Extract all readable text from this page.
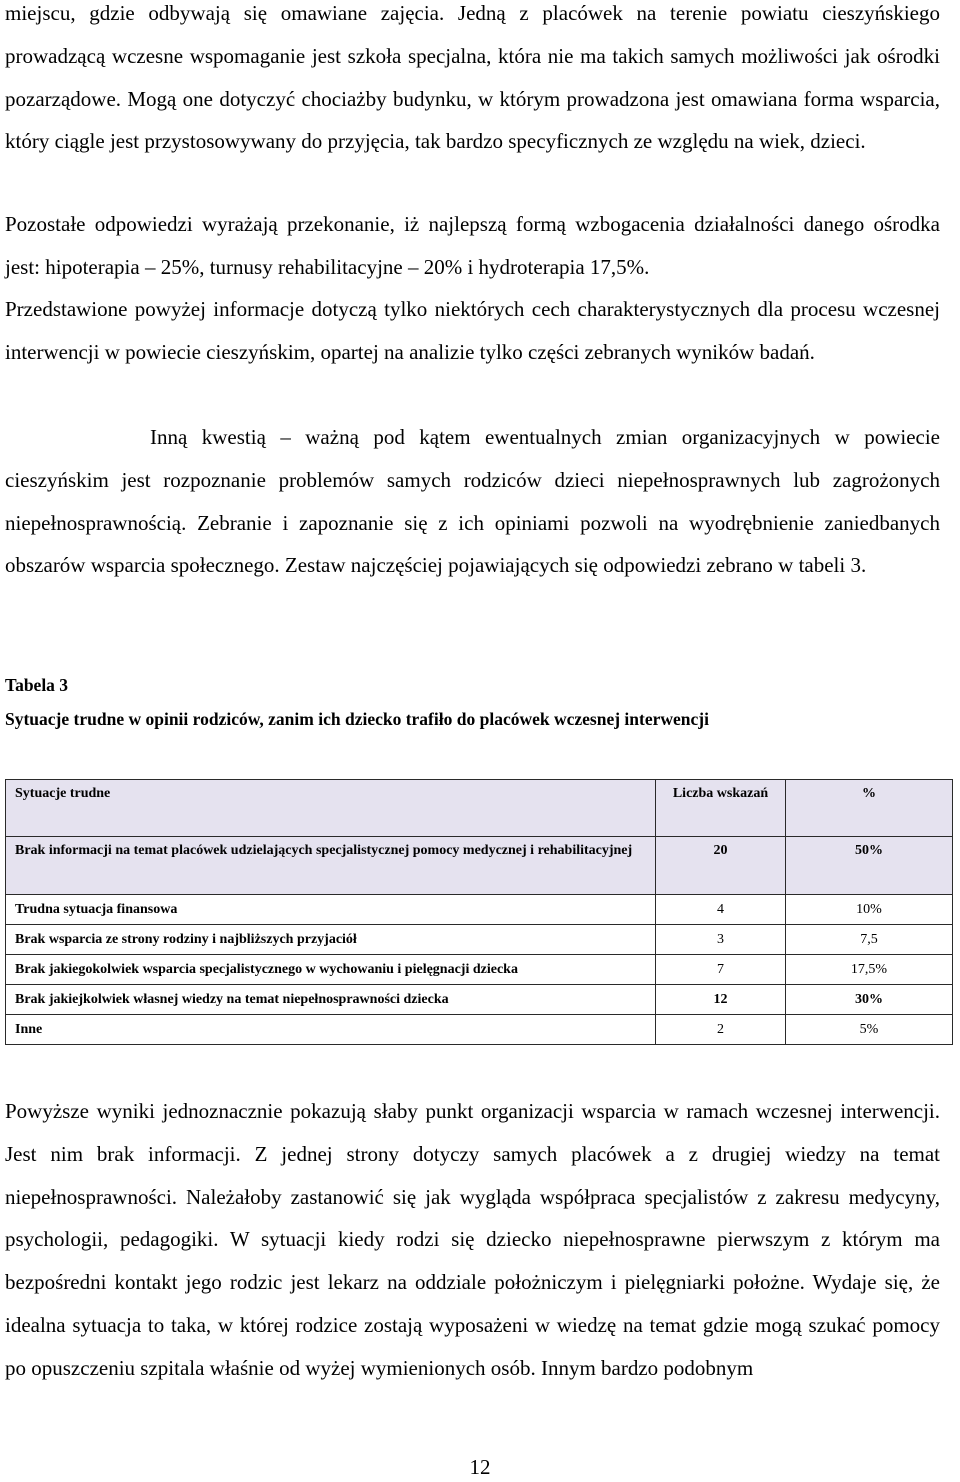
miejscu, gdzie odbywają się omawiane zajęcia. Jedną z placówek na terenie powiatu cieszyńskiego prowadzącą wczesne wspomaganie jest szkoła specjalna, która nie ma takich samych możliwości jak ośrodki pozarządowe. Mogą one dotyczyć chociażby budynku, w którym prowadzona jest omawiana forma wsparcia, który ciągle jest przystosowywany do przyjęcia, tak bardzo specyficznych ze względu na wiek, dzieci.

Pozostałe odpowiedzi wyrażają przekonanie, iż najlepszą formą wzbogacenia działalności danego ośrodka jest: hipoterapia – 25%, turnusy rehabilitacyjne – 20% i hydroterapia 17,5%.

Przedstawione powyżej informacje dotyczą tylko niektórych cech charakterystycznych dla procesu wczesnej interwencji w powiecie cieszyńskim, opartej na analizie tylko części zebranych wyników badań.

Inną kwestią – ważną pod kątem ewentualnych zmian organizacyjnych w powiecie cieszyńskim jest rozpoznanie problemów samych rodziców dzieci niepełnosprawnych lub zagrożonych niepełnosprawnością. Zebranie i zapoznanie się z ich opiniami pozwoli na wyodrębnienie zaniedbanych obszarów wsparcia społecznego. Zestaw najczęściej pojawiających się odpowiedzi zebrano w tabeli 3.

Tabela 3

Sytuacje trudne w opinii rodziców, zanim ich dziecko trafiło do placówek wczesnej interwencji

Sytuacje trudne	Liczba wskazań	%
Brak informacji na temat placówek udzielających specjalistycznej pomocy medycznej i rehabilitacyjnej	20	50%
Trudna sytuacja finansowa	4	10%
Brak wsparcia ze strony rodziny i najbliższych przyjaciół	3	7,5
Brak jakiegokolwiek wsparcia specjalistycznego w wychowaniu i pielęgnacji dziecka	7	17,5%
Brak jakiejkolwiek własnej wiedzy na temat niepełnosprawności dziecka	12	30%
Inne	2	5%

Powyższe wyniki jednoznacznie pokazują słaby punkt organizacji wsparcia w ramach wczesnej interwencji. Jest nim brak informacji. Z jednej strony dotyczy samych placówek a z drugiej wiedzy na temat niepełnosprawności. Należałoby zastanowić się jak wygląda współpraca specjalistów z zakresu medycyny, psychologii, pedagogiki. W sytuacji kiedy rodzi się dziecko niepełnosprawne pierwszym z którym ma bezpośredni kontakt jego rodzic jest lekarz na oddziale położniczym i pielęgniarki położne. Wydaje się, że idealna sytuacja to taka, w której rodzice zostają wyposażeni w wiedzę na temat gdzie mogą szukać pomocy po opuszczeniu szpitala właśnie od wyżej wymienionych osób. Innym bardzo podobnym

12
